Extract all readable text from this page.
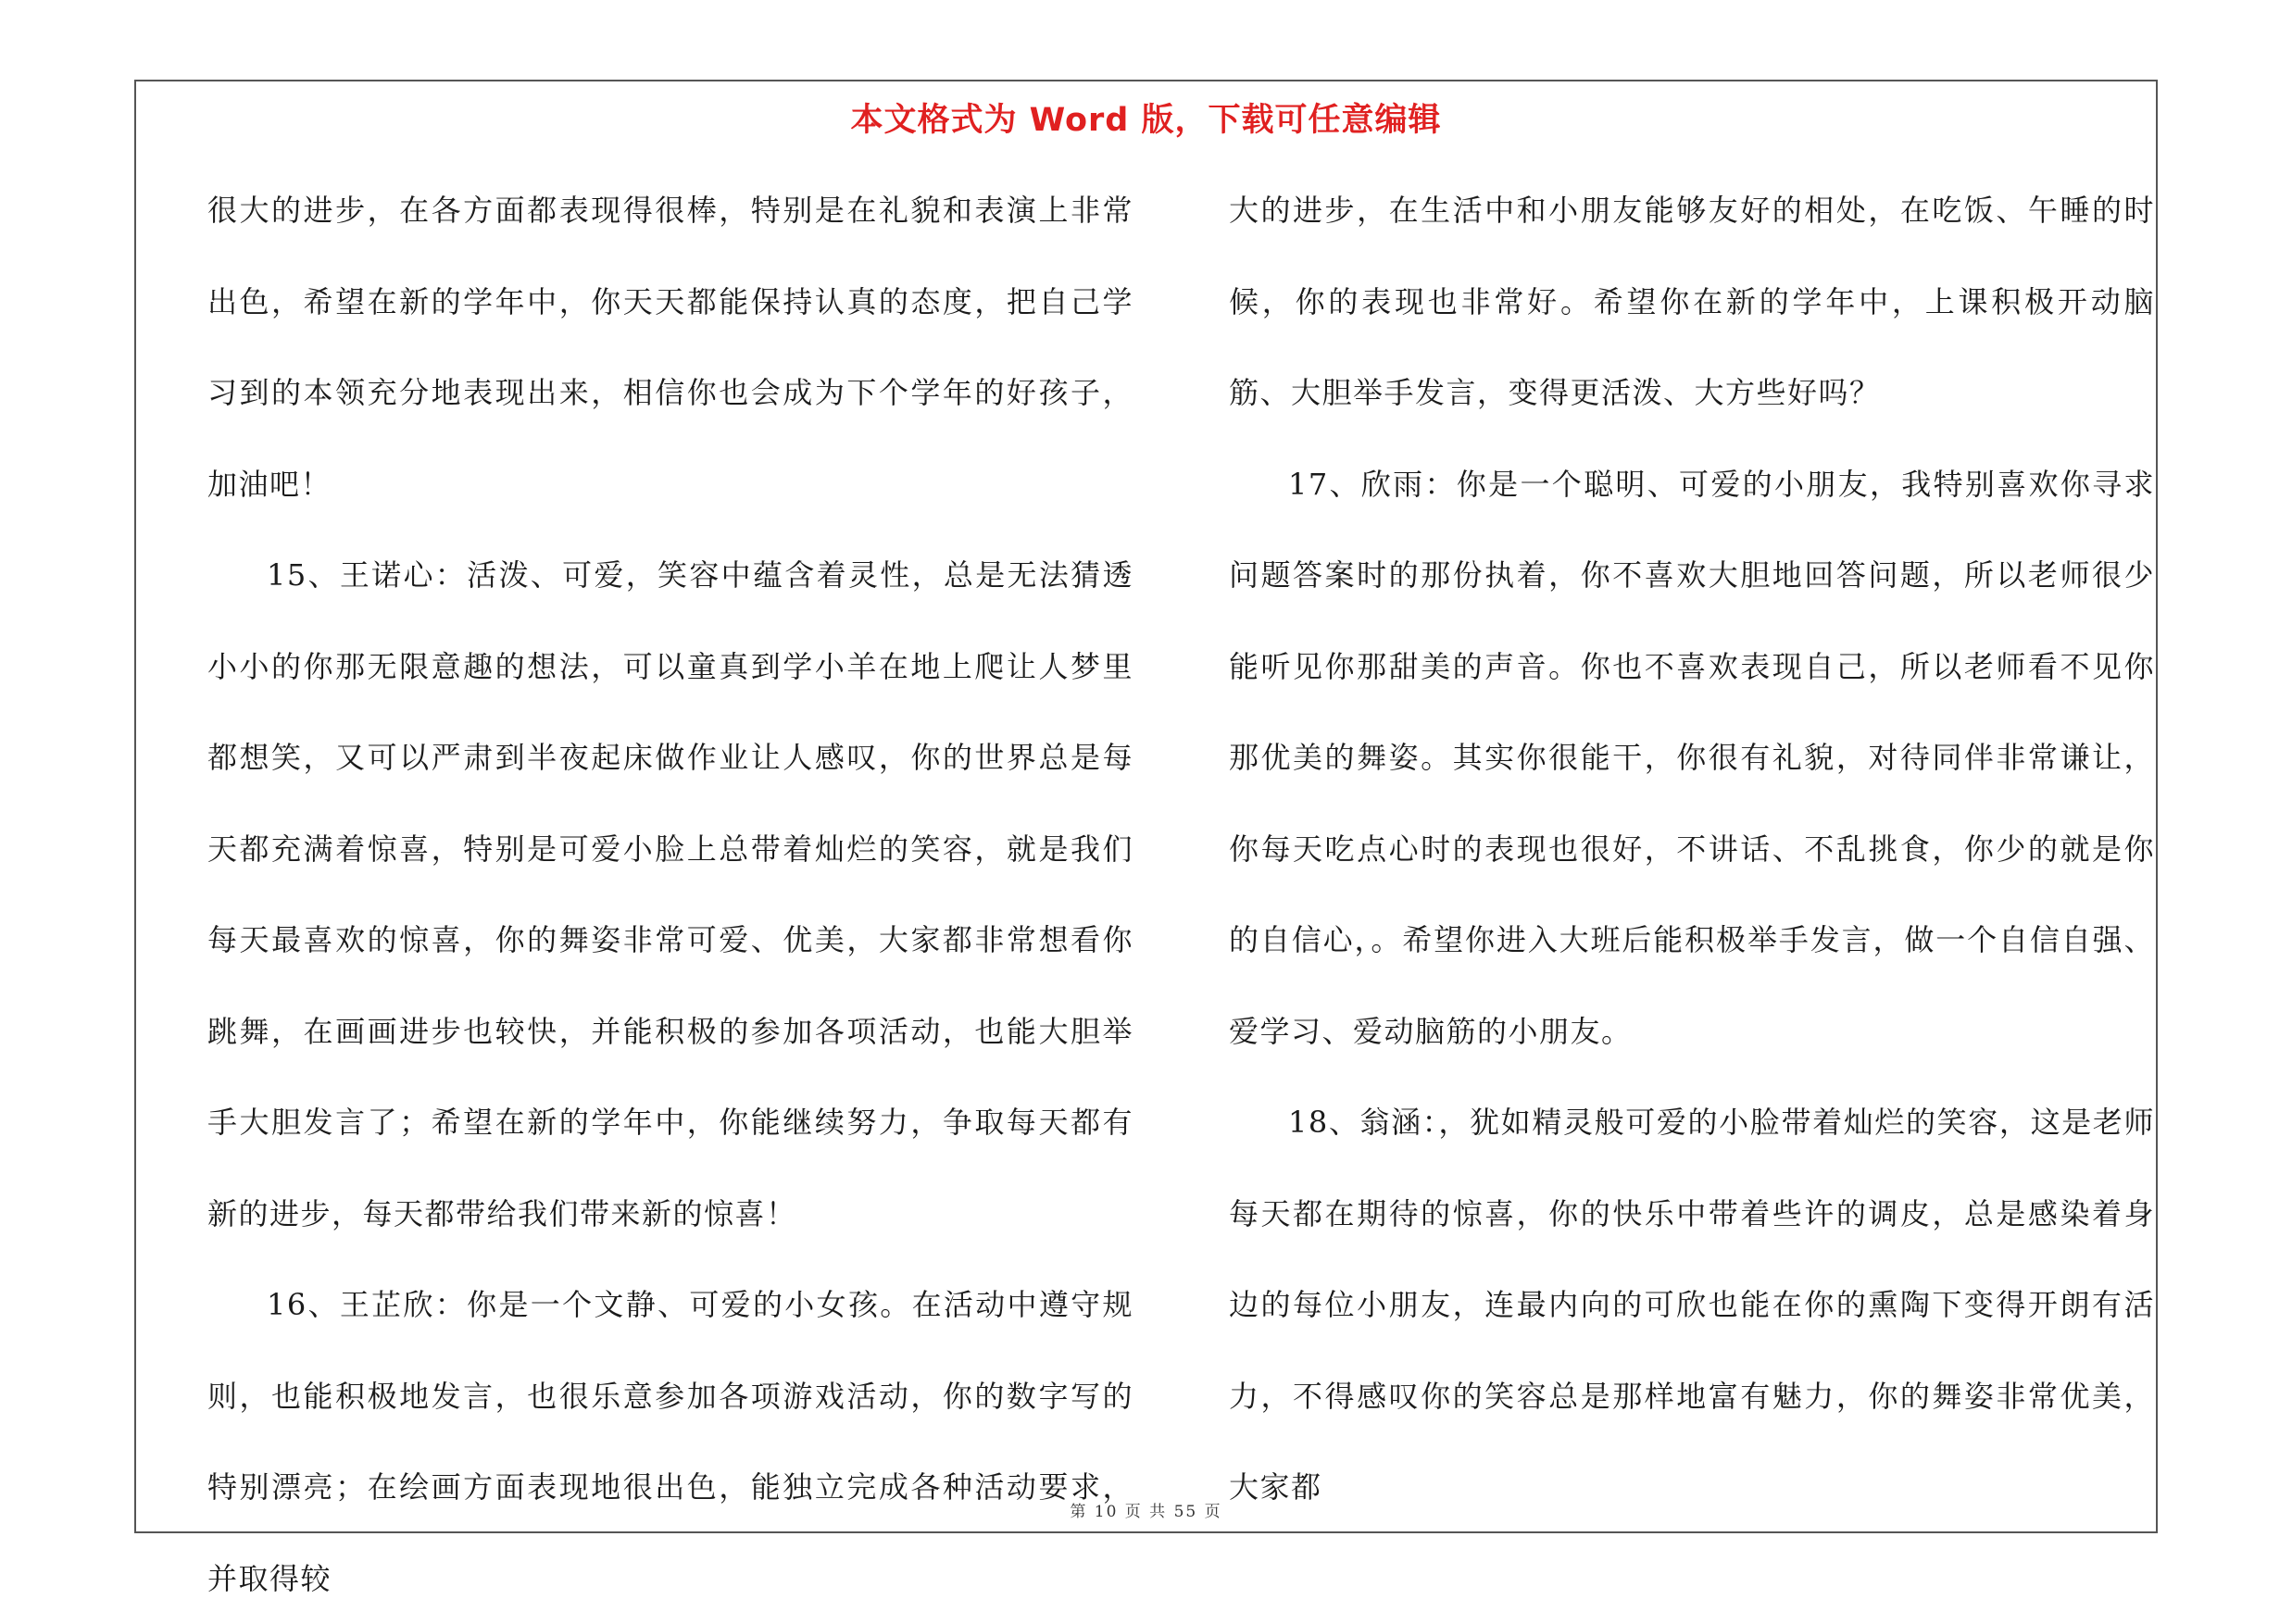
本文格式为 Word 版，下载可任意编辑

很大的进步，在各方面都表现得很棒，特别是在礼貌和表演上非常出色，希望在新的学年中，你天天都能保持认真的态度，把自己学习到的本领充分地表现出来，相信你也会成为下个学年的好孩子，加油吧！

15、王诺心：活泼、可爱，笑容中蕴含着灵性，总是无法猜透小小的你那无限意趣的想法，可以童真到学小羊在地上爬让人梦里都想笑，又可以严肃到半夜起床做作业让人感叹，你的世界总是每天都充满着惊喜，特别是可爱小脸上总带着灿烂的笑容，就是我们每天最喜欢的惊喜，你的舞姿非常可爱、优美，大家都非常想看你跳舞，在画画进步也较快，并能积极的参加各项活动，也能大胆举手大胆发言了；希望在新的学年中，你能继续努力，争取每天都有新的进步，每天都带给我们带来新的惊喜！

16、王芷欣：你是一个文静、可爱的小女孩。在活动中遵守规则，也能积极地发言，也很乐意参加各项游戏活动，你的数字写的特别漂亮；在绘画方面表现地很出色，能独立完成各种活动要求，并取得较

大的进步，在生活中和小朋友能够友好的相处，在吃饭、午睡的时候，你的表现也非常好。希望你在新的学年中，上课积极开动脑筋、大胆举手发言，变得更活泼、大方些好吗？

17、欣雨：你是一个聪明、可爱的小朋友，我特别喜欢你寻求问题答案时的那份执着，你不喜欢大胆地回答问题，所以老师很少能听见你那甜美的声音。你也不喜欢表现自己，所以老师看不见你那优美的舞姿。其实你很能干，你很有礼貌，对待同伴非常谦让，你每天吃点心时的表现也很好，不讲话、不乱挑食，你少的就是你的自信心，。希望你进入大班后能积极举手发言，做一个自信自强、爱学习、爱动脑筋的小朋友。

18、翁涵：，犹如精灵般可爱的小脸带着灿烂的笑容，这是老师每天都在期待的惊喜，你的快乐中带着些许的调皮，总是感染着身边的每位小朋友，连最内向的可欣也能在你的熏陶下变得开朗有活力，不得感叹你的笑容总是那样地富有魅力，你的舞姿非常优美，大家都

第 10 页 共 55 页
